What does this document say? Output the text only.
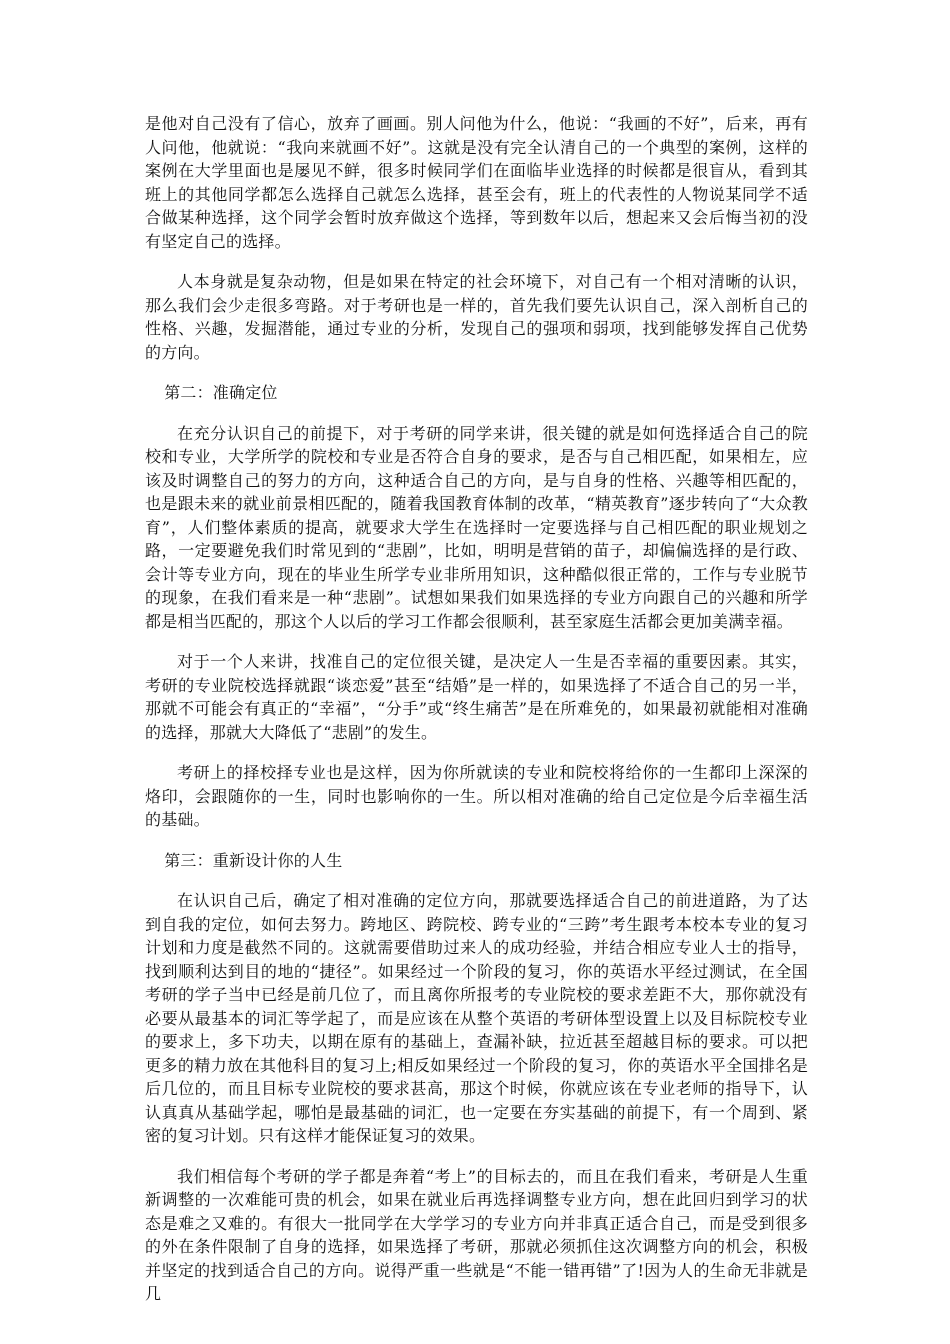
是他对自己没有了信心，放弃了画画。别人问他为什么，他说：“我画的不好”，后来，再有人问他，他就说：“我向来就画不好”。这就是没有完全认清自己的一个典型的案例，这样的案例在大学里面也是屡见不鲜，很多时候同学们在面临毕业选择的时候都是很盲从，看到其班上的其他同学都怎么选择自己就怎么选择，甚至会有，班上的代表性的人物说某同学不适合做某种选择，这个同学会暂时放弃做这个选择，等到数年以后，想起来又会后悔当初的没有坚定自己的选择。

人本身就是复杂动物，但是如果在特定的社会环境下，对自己有一个相对清晰的认识，那么我们会少走很多弯路。对于考研也是一样的，首先我们要先认识自己，深入剖析自己的性格、兴趣，发掘潜能，通过专业的分析，发现自己的强项和弱项，找到能够发挥自己优势的方向。

第二：准确定位

在充分认识自己的前提下，对于考研的同学来讲，很关键的就是如何选择适合自己的院校和专业，大学所学的院校和专业是否符合自身的要求，是否与自己相匹配，如果相左，应该及时调整自己的努力的方向，这种适合自己的方向，是与自身的性格、兴趣等相匹配的，也是跟未来的就业前景相匹配的，随着我国教育体制的改革，“精英教育”逐步转向了“大众教育”，人们整体素质的提高，就要求大学生在选择时一定要选择与自己相匹配的职业规划之路，一定要避免我们时常见到的“悲剧”，比如，明明是营销的苗子，却偏偏选择的是行政、会计等专业方向，现在的毕业生所学专业非所用知识，这种酷似很正常的，工作与专业脱节的现象，在我们看来是一种“悲剧”。试想如果我们如果选择的专业方向跟自己的兴趣和所学都是相当匹配的，那这个人以后的学习工作都会很顺利，甚至家庭生活都会更加美满幸福。

对于一个人来讲，找准自己的定位很关键，是决定人一生是否幸福的重要因素。其实，考研的专业院校选择就跟“谈恋爱”甚至“结婚”是一样的，如果选择了不适合自己的另一半，那就不可能会有真正的“幸福”，“分手”或“终生痛苦”是在所难免的，如果最初就能相对准确的选择，那就大大降低了“悲剧”的发生。

考研上的择校择专业也是这样，因为你所就读的专业和院校将给你的一生都印上深深的烙印，会跟随你的一生，同时也影响你的一生。所以相对准确的给自己定位是今后幸福生活的基础。

第三：重新设计你的人生

在认识自己后，确定了相对准确的定位方向，那就要选择适合自己的前进道路，为了达到自我的定位，如何去努力。跨地区、跨院校、跨专业的“三跨”考生跟考本校本专业的复习计划和力度是截然不同的。这就需要借助过来人的成功经验，并结合相应专业人士的指导，找到顺利达到目的地的“捷径”。如果经过一个阶段的复习，你的英语水平经过测试，在全国考研的学子当中已经是前几位了，而且离你所报考的专业院校的要求差距不大，那你就没有必要从最基本的词汇等学起了，而是应该在从整个英语的考研体型设置上以及目标院校专业的要求上，多下功夫，以期在原有的基础上，查漏补缺，拉近甚至超越目标的要求。可以把更多的精力放在其他科目的复习上;相反如果经过一个阶段的复习，你的英语水平全国排名是后几位的，而且目标专业院校的要求甚高，那这个时候，你就应该在专业老师的指导下，认认真真从基础学起，哪怕是最基础的词汇，也一定要在夯实基础的前提下，有一个周到、紧密的复习计划。只有这样才能保证复习的效果。

我们相信每个考研的学子都是奔着“考上”的目标去的，而且在我们看来，考研是人生重新调整的一次难能可贵的机会，如果在就业后再选择调整专业方向，想在此回归到学习的状态是难之又难的。有很大一批同学在大学学习的专业方向并非真正适合自己，而是受到很多的外在条件限制了自身的选择，如果选择了考研，那就必须抓住这次调整方向的机会，积极并坚定的找到适合自己的方向。说得严重一些就是“不能一错再错”了!因为人的生命无非就是几
